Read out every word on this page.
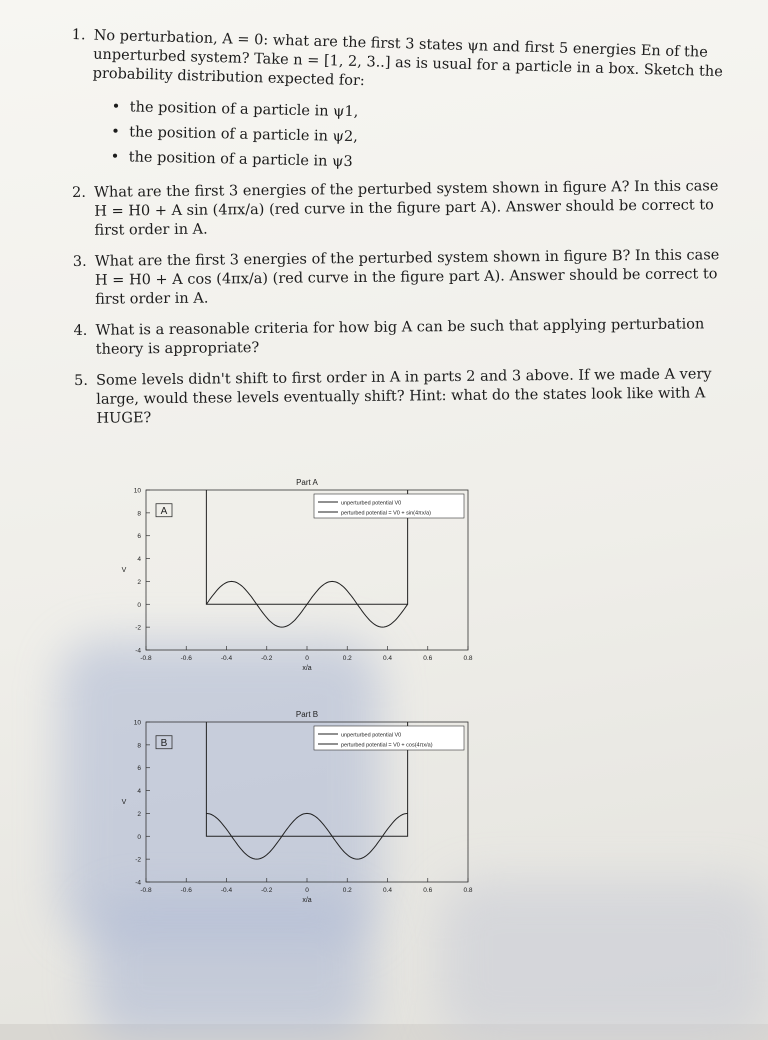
1. No perturbation, A = 0: what are the first 3 states ψn and first 5 energies En of the unperturbed system? Take n = [1, 2, 3..] as is usual for a particle in a box. Sketch the probability distribution expected for:
• the position of a particle in ψ1,
• the position of a particle in ψ2,
• the position of a particle in ψ3
2. What are the first 3 energies of the perturbed system shown in figure A? In this case H = H0 + A sin (4πx/a) (red curve in the figure part A). Answer should be correct to first order in A.
3. What are the first 3 energies of the perturbed system shown in figure B? In this case H = H0 + A cos (4πx/a) (red curve in the figure part A). Answer should be correct to first order in A.
4. What is a reasonable criteria for how big A can be such that applying perturbation theory is appropriate?
5. Some levels didn't shift to first order in A in parts 2 and 3 above. If we made A very large, would these levels eventually shift? Hint: what do the states look like with A HUGE?
Part A
10
8
6
4
2
0
-2
-4
-0.8	-0.6	-0.4	-0.2	0	0.2	0.4	0.6	0.8
x/a
V
A
unperturbed potential V0
perturbed potential = V0 + sin(4πx/a)
Part B
10
8
6
4
2
0
-2
-4
-0.8	-0.6	-0.4	-0.2	0	0.2	0.4	0.6	0.8
x/a
V
B
unperturbed potential V0
perturbed potential = V0 + cos(4πx/a)
